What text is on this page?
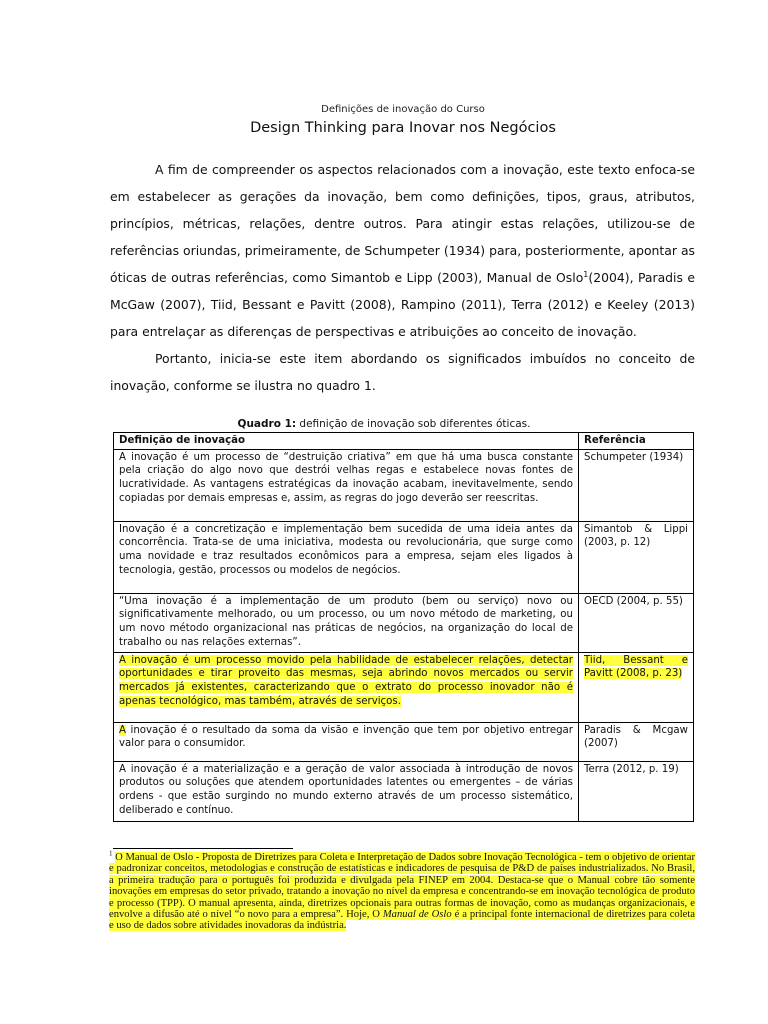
Definições de inovação do Curso
Design Thinking para Inovar nos Negócios

A fim de compreender os aspectos relacionados com a inovação, este texto enfoca-se em estabelecer as gerações da inovação, bem como definições, tipos, graus, atributos, princípios, métricas, relações, dentre outros. Para atingir estas relações, utilizou-se de referências oriundas, primeiramente, de Schumpeter (1934) para, posteriormente, apontar as óticas de outras referências, como Simantob e Lipp (2003), Manual de Oslo$^1$(2004), Paradis e McGaw (2007), Tiid, Bessant e Pavitt (2008), Rampino (2011), Terra (2012) e Keeley (2013) para entrelaçar as diferenças de perspectivas e atribuições ao conceito de inovação.

Portanto, inicia-se este item abordando os significados imbuídos no conceito de inovação, conforme se ilustra no quadro 1.

Quadro 1: definição de inovação sob diferentes óticas.
Definição de inovação	Referência
A inovação é um processo de “destruição criativa” em que há uma busca constante pela criação do algo novo que destrói velhas regas e estabelece novas fontes de lucratividade. As vantagens estratégicas da inovação acabam, inevitavelmente, sendo copiadas por demais empresas e, assim, as regras do jogo deverão ser reescritas.	Schumpeter (1934)
Inovação é a concretização e implementação bem sucedida de uma ideia antes da concorrência. Trata-se de uma iniciativa, modesta ou revolucionária, que surge como uma novidade e traz resultados econômicos para a empresa, sejam eles ligados à tecnologia, gestão, processos ou modelos de negócios.	Simantob & Lippi (2003, p. 12)
“Uma inovação é a implementação de um produto (bem ou serviço) novo ou significativamente melhorado, ou um processo, ou um novo método de marketing, ou um novo método organizacional nas práticas de negócios, na organização do local de trabalho ou nas relações externas”.	OECD (2004, p. 55)
A inovação é um processo movido pela habilidade de estabelecer relações, detectar oportunidades e tirar proveito das mesmas, seja abrindo novos mercados ou servir mercados já existentes, caracterizando que o extrato do processo inovador não é apenas tecnológico, mas também, através de serviços.	Tiid, Bessant e Pavitt (2008, p. 23)
A inovação é o resultado da soma da visão e invenção que tem por objetivo entregar valor para o consumidor.	Paradis & Mcgaw (2007)
A inovação é a materialização e a geração de valor associada à introdução de novos produtos ou soluções que atendem oportunidades latentes ou emergentes – de várias ordens - que estão surgindo no mundo externo através de um processo sistemático, deliberado e contínuo.	Terra (2012, p. 19)
$^1$ O Manual de Oslo - Proposta de Diretrizes para Coleta e Interpretação de Dados sobre Inovação Tecnológica - tem o objetivo de orientar e padronizar conceitos, metodologias e construção de estatísticas e indicadores de pesquisa de P&D de países industrializados. No Brasil, a primeira tradução para o português foi produzida e divulgada pela FINEP em 2004. Destaca-se que o Manual cobre tão somente inovações em empresas do setor privado, tratando a inovação no nível da empresa e concentrando-se em inovação tecnológica de produto e processo (TPP). O manual apresenta, ainda, diretrizes opcionais para outras formas de inovação, como as mudanças organizacionais, e envolve a difusão até o nível “o novo para a empresa”. Hoje, O Manual de Oslo é a principal fonte internacional de diretrizes para coleta e uso de dados sobre atividades inovadoras da indústria.
